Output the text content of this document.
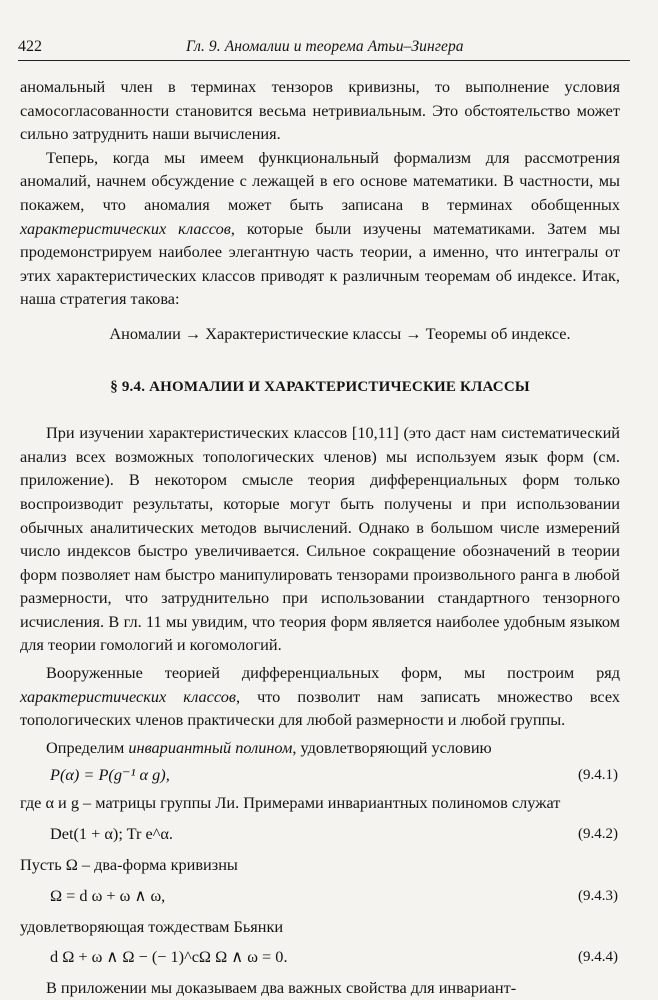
422	Гл. 9. Аномалии и теорема Атьи–Зингера

аномальный член в терминах тензоров кривизны, то выполнение условия самосогласованности становится весьма нетривиальным. Это обстоятельство может сильно затруднить наши вычисления.

Теперь, когда мы имеем функциональный формализм для рассмотрения аномалий, начнем обсуждение с лежащей в его основе математики. В частности, мы покажем, что аномалия может быть записана в терминах обобщенных характеристических классов, которые были изучены математиками. Затем мы продемонстрируем наиболее элегантную часть теории, а именно, что интегралы от этих характеристических классов приводят к различным теоремам об индексе. Итак, наша стратегия такова:

Аномалии → Характеристические классы → Теоремы об индексе.

§ 9.4. АНОМАЛИИ И ХАРАКТЕРИСТИЧЕСКИЕ КЛАССЫ

При изучении характеристических классов [10,11] (это даст нам систематический анализ всех возможных топологических членов) мы используем язык форм (см. приложение). В некотором смысле теория дифференциальных форм только воспроизводит результаты, которые могут быть получены и при использовании обычных аналитических методов вычислений. Однако в большом числе измерений число индексов быстро увеличивается. Сильное сокращение обозначений в теории форм позволяет нам быстро манипулировать тензорами произвольного ранга в любой размерности, что затруднительно при использовании стандартного тензорного исчисления. В гл. 11 мы увидим, что теория форм является наиболее удобным языком для теории гомологий и когомологий.

Вооруженные теорией дифференциальных форм, мы построим ряд характеристических классов, что позволит нам записать множество всех топологических членов практически для любой размерности и любой группы.

Определим инвариантный полином, удовлетворяющий условию

P(α) = P(g⁻¹ α g),	(9.4.1)

где α и g – матрицы группы Ли. Примерами инвариантных полиномов служат

Det(1 + α); Tr e^α.	(9.4.2)

Пусть Ω – два-форма кривизны

Ω = d ω + ω ∧ ω,	(9.4.3)

удовлетворяющая тождествам Бьянки

d Ω + ω ∧ Ω − (− 1)^cΩ Ω ∧ ω = 0.	(9.4.4)

В приложении мы доказываем два важных свойства для инвариант-
